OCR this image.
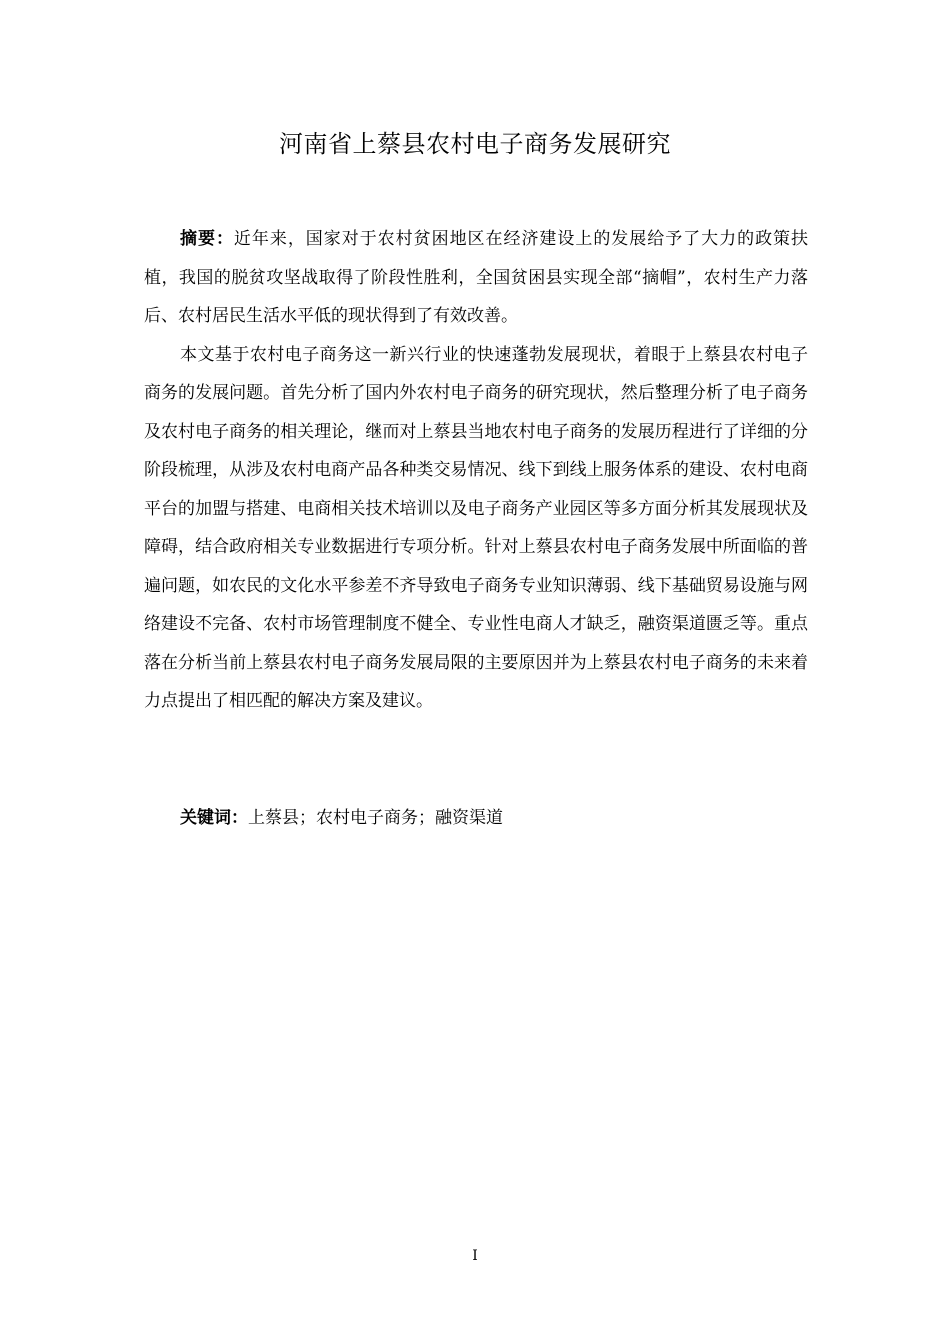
河南省上蔡县农村电子商务发展研究

摘要：近年来，国家对于农村贫困地区在经济建设上的发展给予了大力的政策扶植，我国的脱贫攻坚战取得了阶段性胜利，全国贫困县实现全部“摘帽”，农村生产力落后、农村居民生活水平低的现状得到了有效改善。

本文基于农村电子商务这一新兴行业的快速蓬勃发展现状，着眼于上蔡县农村电子商务的发展问题。首先分析了国内外农村电子商务的研究现状，然后整理分析了电子商务及农村电子商务的相关理论，继而对上蔡县当地农村电子商务的发展历程进行了详细的分阶段梳理，从涉及农村电商产品各种类交易情况、线下到线上服务体系的建设、农村电商平台的加盟与搭建、电商相关技术培训以及电子商务产业园区等多方面分析其发展现状及障碍，结合政府相关专业数据进行专项分析。针对上蔡县农村电子商务发展中所面临的普遍问题，如农民的文化水平参差不齐导致电子商务专业知识薄弱、线下基础贸易设施与网络建设不完备、农村市场管理制度不健全、专业性电商人才缺乏，融资渠道匮乏等。重点落在分析当前上蔡县农村电子商务发展局限的主要原因并为上蔡县农村电子商务的未来着力点提出了相匹配的解决方案及建议。

关键词：上蔡县；农村电子商务；融资渠道

I
